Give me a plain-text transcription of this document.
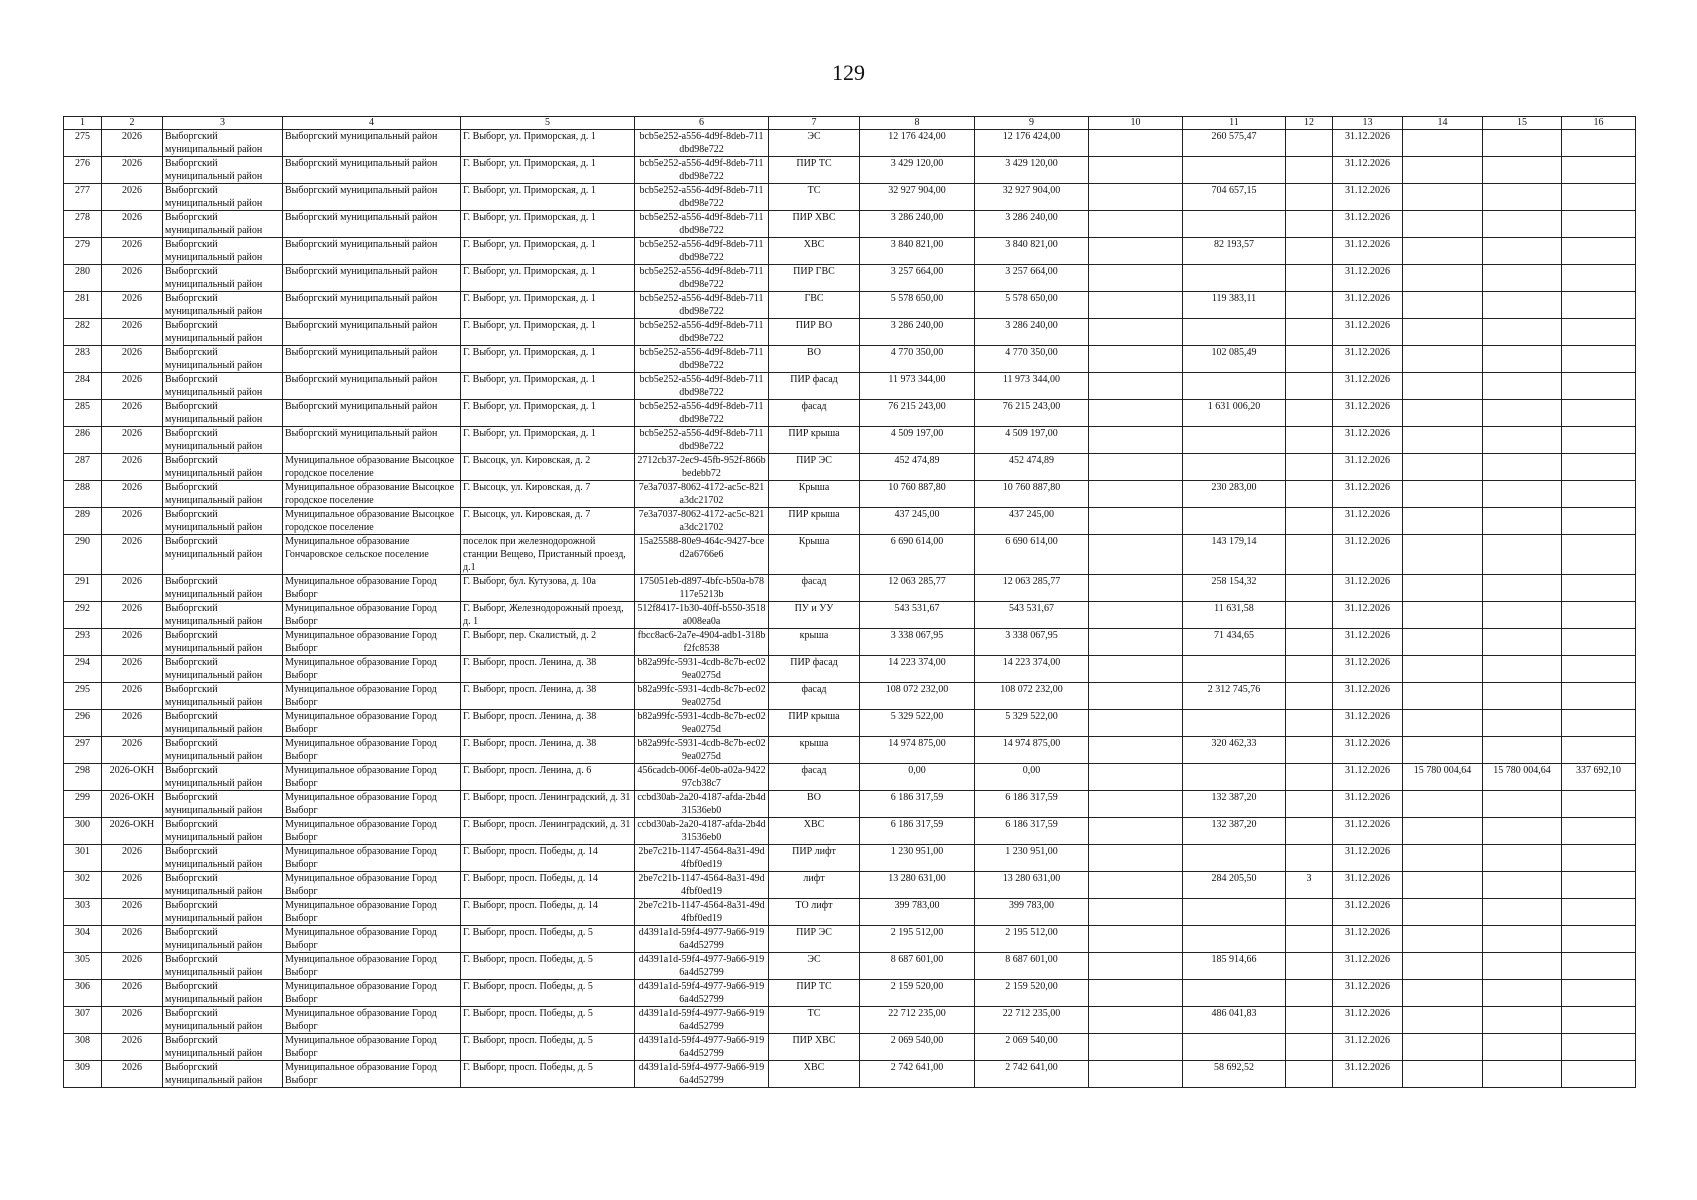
129
1	2	3	4	5	6	7	8	9	10	11	12	13	14	15	16
275	2026	Выборгский муниципальный район	Выборгский муниципальный район	Г. Выборг, ул. Приморская, д. 1	bcb5e252-a556-4d9f-8deb-711dbd98e722	ЭС	12 176 424,00	12 176 424,00		260 575,47		31.12.2026			
276	2026	Выборгский муниципальный район	Выборгский муниципальный район	Г. Выборг, ул. Приморская, д. 1	bcb5e252-a556-4d9f-8deb-711dbd98e722	ПИР ТС	3 429 120,00	3 429 120,00				31.12.2026			
277	2026	Выборгский муниципальный район	Выборгский муниципальный район	Г. Выборг, ул. Приморская, д. 1	bcb5e252-a556-4d9f-8deb-711dbd98e722	ТС	32 927 904,00	32 927 904,00		704 657,15		31.12.2026			
278	2026	Выборгский муниципальный район	Выборгский муниципальный район	Г. Выборг, ул. Приморская, д. 1	bcb5e252-a556-4d9f-8deb-711dbd98e722	ПИР ХВС	3 286 240,00	3 286 240,00				31.12.2026			
279	2026	Выборгский муниципальный район	Выборгский муниципальный район	Г. Выборг, ул. Приморская, д. 1	bcb5e252-a556-4d9f-8deb-711dbd98e722	ХВС	3 840 821,00	3 840 821,00		82 193,57		31.12.2026			
280	2026	Выборгский муниципальный район	Выборгский муниципальный район	Г. Выборг, ул. Приморская, д. 1	bcb5e252-a556-4d9f-8deb-711dbd98e722	ПИР ГВС	3 257 664,00	3 257 664,00				31.12.2026			
281	2026	Выборгский муниципальный район	Выборгский муниципальный район	Г. Выборг, ул. Приморская, д. 1	bcb5e252-a556-4d9f-8deb-711dbd98e722	ГВС	5 578 650,00	5 578 650,00		119 383,11		31.12.2026			
282	2026	Выборгский муниципальный район	Выборгский муниципальный район	Г. Выборг, ул. Приморская, д. 1	bcb5e252-a556-4d9f-8deb-711dbd98e722	ПИР ВО	3 286 240,00	3 286 240,00				31.12.2026			
283	2026	Выборгский муниципальный район	Выборгский муниципальный район	Г. Выборг, ул. Приморская, д. 1	bcb5e252-a556-4d9f-8deb-711dbd98e722	ВО	4 770 350,00	4 770 350,00		102 085,49		31.12.2026			
284	2026	Выборгский муниципальный район	Выборгский муниципальный район	Г. Выборг, ул. Приморская, д. 1	bcb5e252-a556-4d9f-8deb-711dbd98e722	ПИР фасад	11 973 344,00	11 973 344,00				31.12.2026			
285	2026	Выборгский муниципальный район	Выборгский муниципальный район	Г. Выборг, ул. Приморская, д. 1	bcb5e252-a556-4d9f-8deb-711dbd98e722	фасад	76 215 243,00	76 215 243,00		1 631 006,20		31.12.2026			
286	2026	Выборгский муниципальный район	Выборгский муниципальный район	Г. Выборг, ул. Приморская, д. 1	bcb5e252-a556-4d9f-8deb-711dbd98e722	ПИР крыша	4 509 197,00	4 509 197,00				31.12.2026			
287	2026	Выборгский муниципальный район	Муниципальное образование Высоцкое городское поселение	Г. Высоцк, ул. Кировская, д. 2	2712cb37-2ec9-45fb-952f-866bbedebb72	ПИР ЭС	452 474,89	452 474,89				31.12.2026			
288	2026	Выборгский муниципальный район	Муниципальное образование Высоцкое городское поселение	Г. Высоцк, ул. Кировская, д. 7	7e3a7037-8062-4172-ac5c-821a3dc21702	Крыша	10 760 887,80	10 760 887,80		230 283,00		31.12.2026			
289	2026	Выборгский муниципальный район	Муниципальное образование Высоцкое городское поселение	Г. Высоцк, ул. Кировская, д. 7	7e3a7037-8062-4172-ac5c-821a3dc21702	ПИР крыша	437 245,00	437 245,00				31.12.2026			
290	2026	Выборгский муниципальный район	Муниципальное образование Гончаровское сельское поселение	поселок при железнодорожной станции Вещево, Пристанный проезд, д.1	15a25588-80e9-464c-9427-bced2a6766e6	Крыша	6 690 614,00	6 690 614,00		143 179,14		31.12.2026			
291	2026	Выборгский муниципальный район	Муниципальное образование Город Выборг	Г. Выборг, бул. Кутузова, д. 10а	175051eb-d897-4bfc-b50a-b78117e5213b	фасад	12 063 285,77	12 063 285,77		258 154,32		31.12.2026			
292	2026	Выборгский муниципальный район	Муниципальное образование Город Выборг	Г. Выборг, Железнодорожный проезд, д. 1	512f8417-1b30-40ff-b550-3518a008ea0a	ПУ и УУ	543 531,67	543 531,67		11 631,58		31.12.2026			
293	2026	Выборгский муниципальный район	Муниципальное образование Город Выборг	Г. Выборг, пер. Скалистый, д. 2	fbcc8ac6-2a7e-4904-adb1-318bf2fc8538	крыша	3 338 067,95	3 338 067,95		71 434,65		31.12.2026			
294	2026	Выборгский муниципальный район	Муниципальное образование Город Выборг	Г. Выборг, просп. Ленина, д. 38	b82a99fc-5931-4cdb-8c7b-ec029ea0275d	ПИР фасад	14 223 374,00	14 223 374,00				31.12.2026			
295	2026	Выборгский муниципальный район	Муниципальное образование Город Выборг	Г. Выборг, просп. Ленина, д. 38	b82a99fc-5931-4cdb-8c7b-ec029ea0275d	фасад	108 072 232,00	108 072 232,00		2 312 745,76		31.12.2026			
296	2026	Выборгский муниципальный район	Муниципальное образование Город Выборг	Г. Выборг, просп. Ленина, д. 38	b82a99fc-5931-4cdb-8c7b-ec029ea0275d	ПИР крыша	5 329 522,00	5 329 522,00				31.12.2026			
297	2026	Выборгский муниципальный район	Муниципальное образование Город Выборг	Г. Выборг, просп. Ленина, д. 38	b82a99fc-5931-4cdb-8c7b-ec029ea0275d	крыша	14 974 875,00	14 974 875,00		320 462,33		31.12.2026			
298	2026-ОКН	Выборгский муниципальный район	Муниципальное образование Город Выборг	Г. Выборг, просп. Ленина, д. 6	456cadcb-006f-4e0b-a02a-942297cb38c7	фасад	0,00	0,00				31.12.2026	15 780 004,64	15 780 004,64	337 692,10
299	2026-ОКН	Выборгский муниципальный район	Муниципальное образование Город Выборг	Г. Выборг, просп. Ленинградский, д. 31	ccbd30ab-2a20-4187-afda-2b4d31536eb0	ВО	6 186 317,59	6 186 317,59		132 387,20		31.12.2026			
300	2026-ОКН	Выборгский муниципальный район	Муниципальное образование Город Выборг	Г. Выборг, просп. Ленинградский, д. 31	ccbd30ab-2a20-4187-afda-2b4d31536eb0	ХВС	6 186 317,59	6 186 317,59		132 387,20		31.12.2026			
301	2026	Выборгский муниципальный район	Муниципальное образование Город Выборг	Г. Выборг, просп. Победы, д. 14	2be7c21b-1147-4564-8a31-49d4fbf0ed19	ПИР лифт	1 230 951,00	1 230 951,00				31.12.2026			
302	2026	Выборгский муниципальный район	Муниципальное образование Город Выборг	Г. Выборг, просп. Победы, д. 14	2be7c21b-1147-4564-8a31-49d4fbf0ed19	лифт	13 280 631,00	13 280 631,00		284 205,50	3	31.12.2026			
303	2026	Выборгский муниципальный район	Муниципальное образование Город Выборг	Г. Выборг, просп. Победы, д. 14	2be7c21b-1147-4564-8a31-49d4fbf0ed19	ТО лифт	399 783,00	399 783,00				31.12.2026			
304	2026	Выборгский муниципальный район	Муниципальное образование Город Выборг	Г. Выборг, просп. Победы, д. 5	d4391a1d-59f4-4977-9a66-9196a4d52799	ПИР ЭС	2 195 512,00	2 195 512,00				31.12.2026			
305	2026	Выборгский муниципальный район	Муниципальное образование Город Выборг	Г. Выборг, просп. Победы, д. 5	d4391a1d-59f4-4977-9a66-9196a4d52799	ЭС	8 687 601,00	8 687 601,00		185 914,66		31.12.2026			
306	2026	Выборгский муниципальный район	Муниципальное образование Город Выборг	Г. Выборг, просп. Победы, д. 5	d4391a1d-59f4-4977-9a66-9196a4d52799	ПИР ТС	2 159 520,00	2 159 520,00				31.12.2026			
307	2026	Выборгский муниципальный район	Муниципальное образование Город Выборг	Г. Выборг, просп. Победы, д. 5	d4391a1d-59f4-4977-9a66-9196a4d52799	ТС	22 712 235,00	22 712 235,00		486 041,83		31.12.2026			
308	2026	Выборгский муниципальный район	Муниципальное образование Город Выборг	Г. Выборг, просп. Победы, д. 5	d4391a1d-59f4-4977-9a66-9196a4d52799	ПИР ХВС	2 069 540,00	2 069 540,00				31.12.2026			
309	2026	Выборгский муниципальный район	Муниципальное образование Город Выборг	Г. Выборг, просп. Победы, д. 5	d4391a1d-59f4-4977-9a66-9196a4d52799	ХВС	2 742 641,00	2 742 641,00		58 692,52		31.12.2026			
